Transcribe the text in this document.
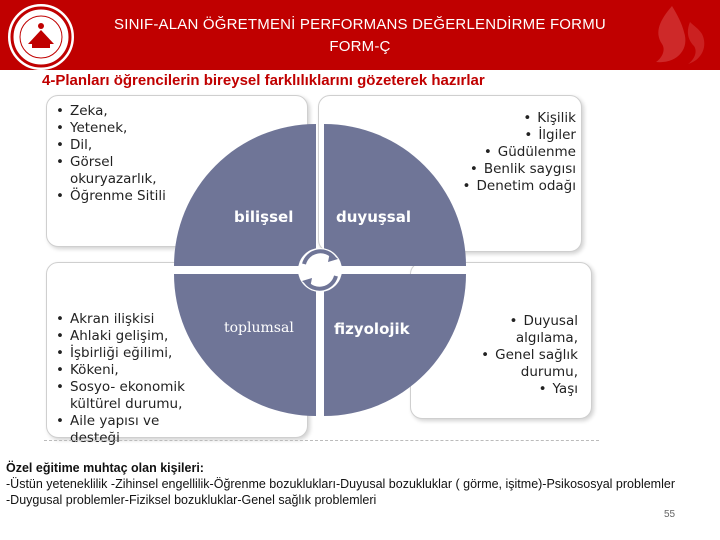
SINIF-ALAN ÖĞRETMENİ PERFORMANS DEĞERLENDİRME FORMU
FORM-Ç
4-Planları öğrencilerin bireysel farklılıklarını gözeterek hazırlar
• Zeka,
• Yetenek,
• Dil,
• Görsel okuryazarlık,
• Öğrenme Sitili
• Kişilik
• İlgiler
• Güdülenme
• Benlik saygısı
• Denetim odağı
• Akran ilişkisi
• Ahlaki gelişim,
• İşbirliği eğilimi,
• Kökeni,
• Sosyo- ekonomik kültürel durumu,
• Aile yapısı ve desteği
• Duyusal algılama,
• Genel sağlık durumu,
• Yaşı
bilişsel	duyuşsal
toplumsal	fizyolojik
Özel eğitime muhtaç olan kişileri:
-Üstün yeteneklilik -Zihinsel engellilik-Öğrenme bozuklukları-Duyusal bozukluklar ( görme, işitme)-Psikososyal problemler
-Duygusal problemler-Fiziksel bozukluklar-Genel sağlık problemleri
55
